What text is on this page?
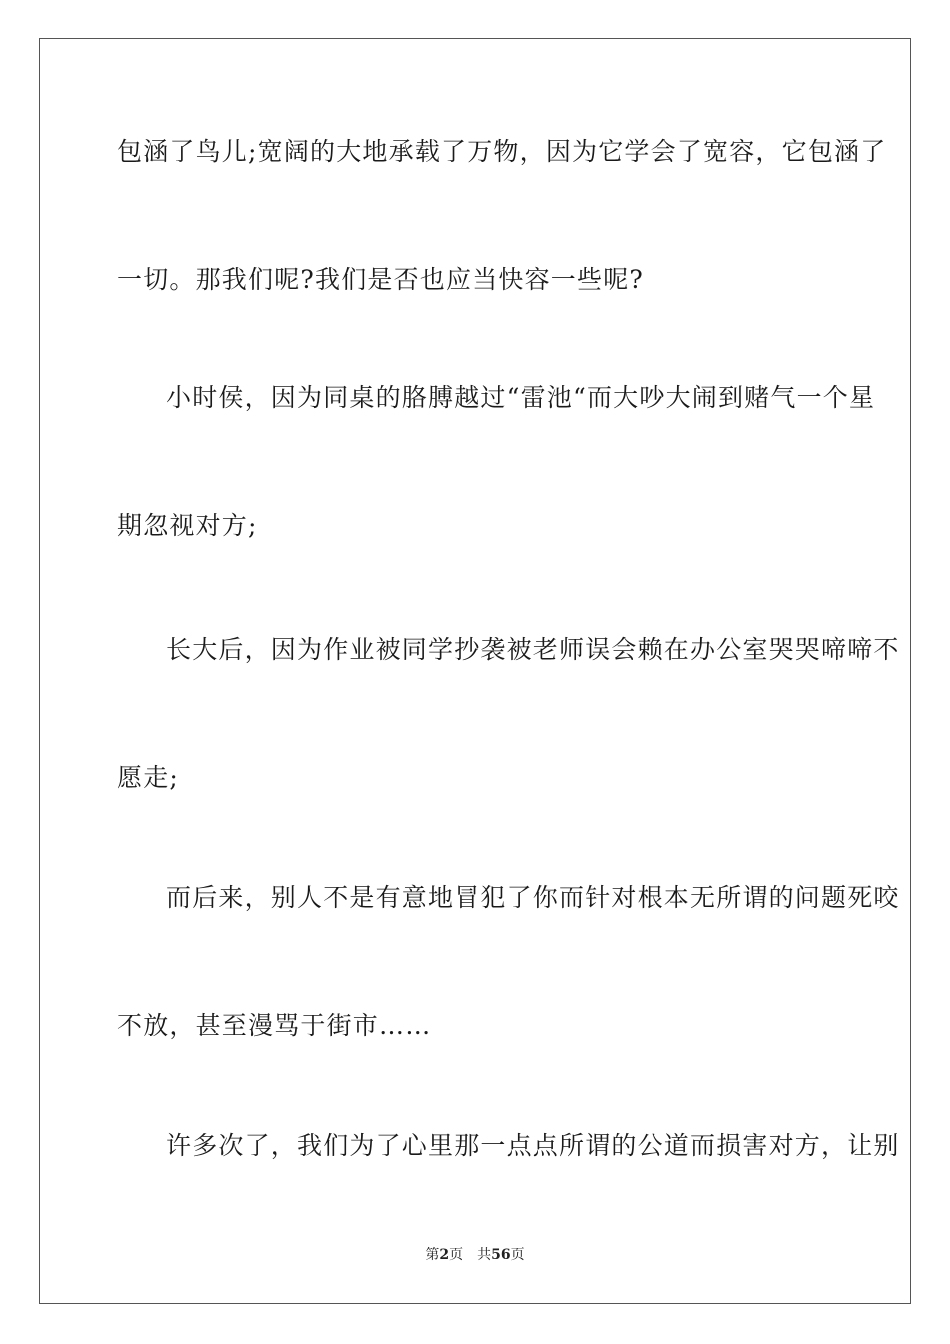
包涵了鸟儿;宽阔的大地承载了万物，因为它学会了宽容，它包涵了
一切。那我们呢?我们是否也应当快容一些呢?
小时侯，因为同桌的胳膊越过“雷池“而大吵大闹到赌气一个星
期忽视对方;
长大后，因为作业被同学抄袭被老师误会赖在办公室哭哭啼啼不
愿走;
而后来，别人不是有意地冒犯了你而针对根本无所谓的问题死咬
不放，甚至漫骂于街市……
许多次了，我们为了心里那一点点所谓的公道而损害对方，让别
第2页 共56页
